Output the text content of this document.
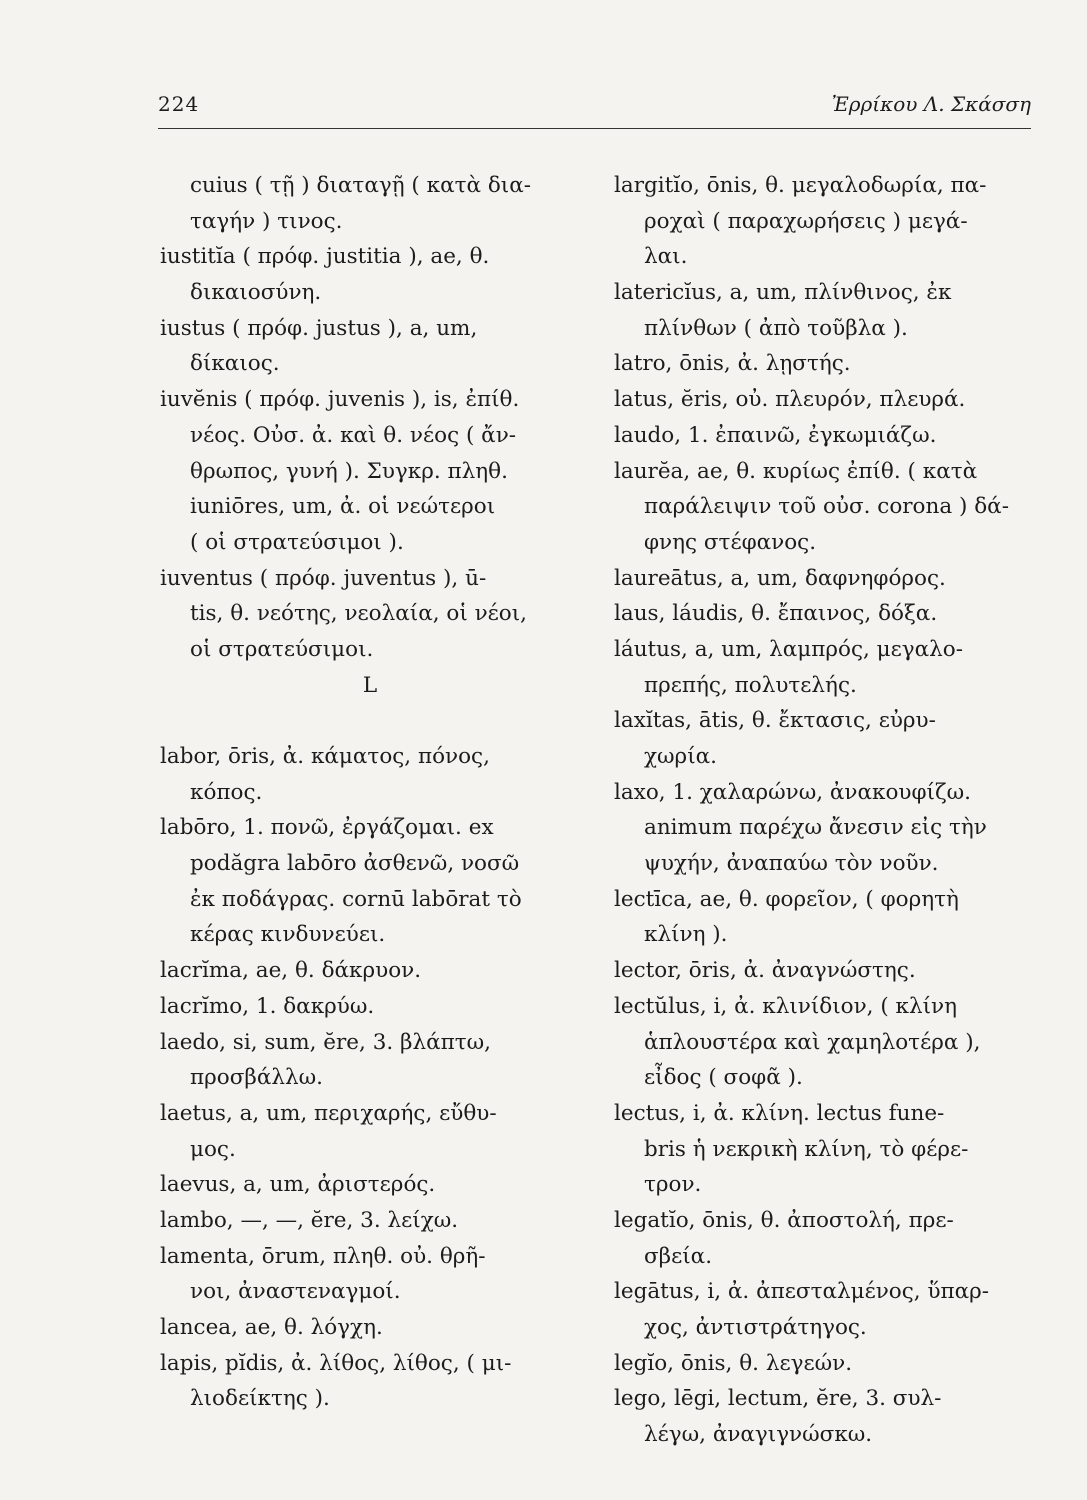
224	Ἐρρίκου Λ. Σκάσση
cuius ( τῇ ) διαταγῇ ( κατὰ δια-
ταγήν ) τινος.
iustitĭa ( πρόφ. justitia ), ae, θ.
δικαιοσύνη.
iustus ( πρόφ. justus ), a, um,
δίκαιος.
iuvĕnis ( πρόφ. juvenis ), is, ἐπίθ.
νέος. Οὐσ. ἀ. καὶ θ. νέος ( ἄν-
θρωπος, γυνή ). Συγκρ. πληθ.
iuniōres, um, ἀ. οἱ νεώτεροι
( οἱ στρατεύσιμοι ).
iuventus ( πρόφ. juventus ), ū-
tis, θ. νεότης, νεολαία, οἱ νέοι,
οἱ στρατεύσιμοι.
L
labor, ōris, ἀ. κάματος, πόνος,
κόπος.
labōro, 1. πονῶ, ἐργάζομαι. ex
podăgra labōro ἀσθενῶ, νοσῶ
ἐκ ποδάγρας. cornū labōrat τὸ
κέρας κινδυνεύει.
lacrĭma, ae, θ. δάκρυον.
lacrĭmo, 1. δακρύω.
laedo, si, sum, ĕre, 3. βλάπτω,
προσβάλλω.
laetus, a, um, περιχαρής, εὔθυ-
μος.
laevus, a, um, ἀριστερός.
lambo, —, —, ĕre, 3. λείχω.
lamenta, ōrum, πληθ. οὐ. θρῆ-
νοι, ἀναστεναγμοί.
lancea, ae, θ. λόγχη.
lapis, pĭdis, ἀ. λίθος, λίθος, ( μι-
λιοδείκτης ).
largitĭo, ōnis, θ. μεγαλοδωρία, πα-
ροχαὶ ( παραχωρήσεις ) μεγά-
λαι.
latericĭus, a, um, πλίνθινος, ἐκ
πλίνθων ( ἀπὸ τοῦβλα ).
latro, ōnis, ἀ. λῃστής.
latus, ĕris, οὐ. πλευρόν, πλευρά.
laudo, 1. ἐπαινῶ, ἐγκωμιάζω.
laurĕa, ae, θ. κυρίως ἐπίθ. ( κατὰ
παράλειψιν τοῦ οὐσ. corona ) δά-
φνης στέφανος.
laureātus, a, um, δαφνηφόρος.
laus, láudis, θ. ἔπαινος, δόξα.
láutus, a, um, λαμπρός, μεγαλο-
πρεπής, πολυτελής.
laxĭtas, ātis, θ. ἔκτασις, εὐρυ-
χωρία.
laxo, 1. χαλαρώνω, ἀνακουφίζω.
animum παρέχω ἄνεσιν εἰς τὴν
ψυχήν, ἀναπαύω τὸν νοῦν.
lectīca, ae, θ. φορεῖον, ( φορητὴ
κλίνη ).
lector, ōris, ἀ. ἀναγνώστης.
lectŭlus, i, ἀ. κλινίδιον, ( κλίνη
ἁπλουστέρα καὶ χαμηλοτέρα ),
εἶδος ( σοφᾶ ).
lectus, i, ἀ. κλίνη. lectus fune-
bris ἡ νεκρικὴ κλίνη, τὸ φέρε-
τρον.
legatĭo, ōnis, θ. ἀποστολή, πρε-
σβεία.
legātus, i, ἀ. ἀπεσταλμένος, ὕπαρ-
χος, ἀντιστράτηγος.
legĭo, ōnis, θ. λεγεών.
lego, lēgi, lectum, ĕre, 3. συλ-
λέγω, ἀναγιγνώσκω.
